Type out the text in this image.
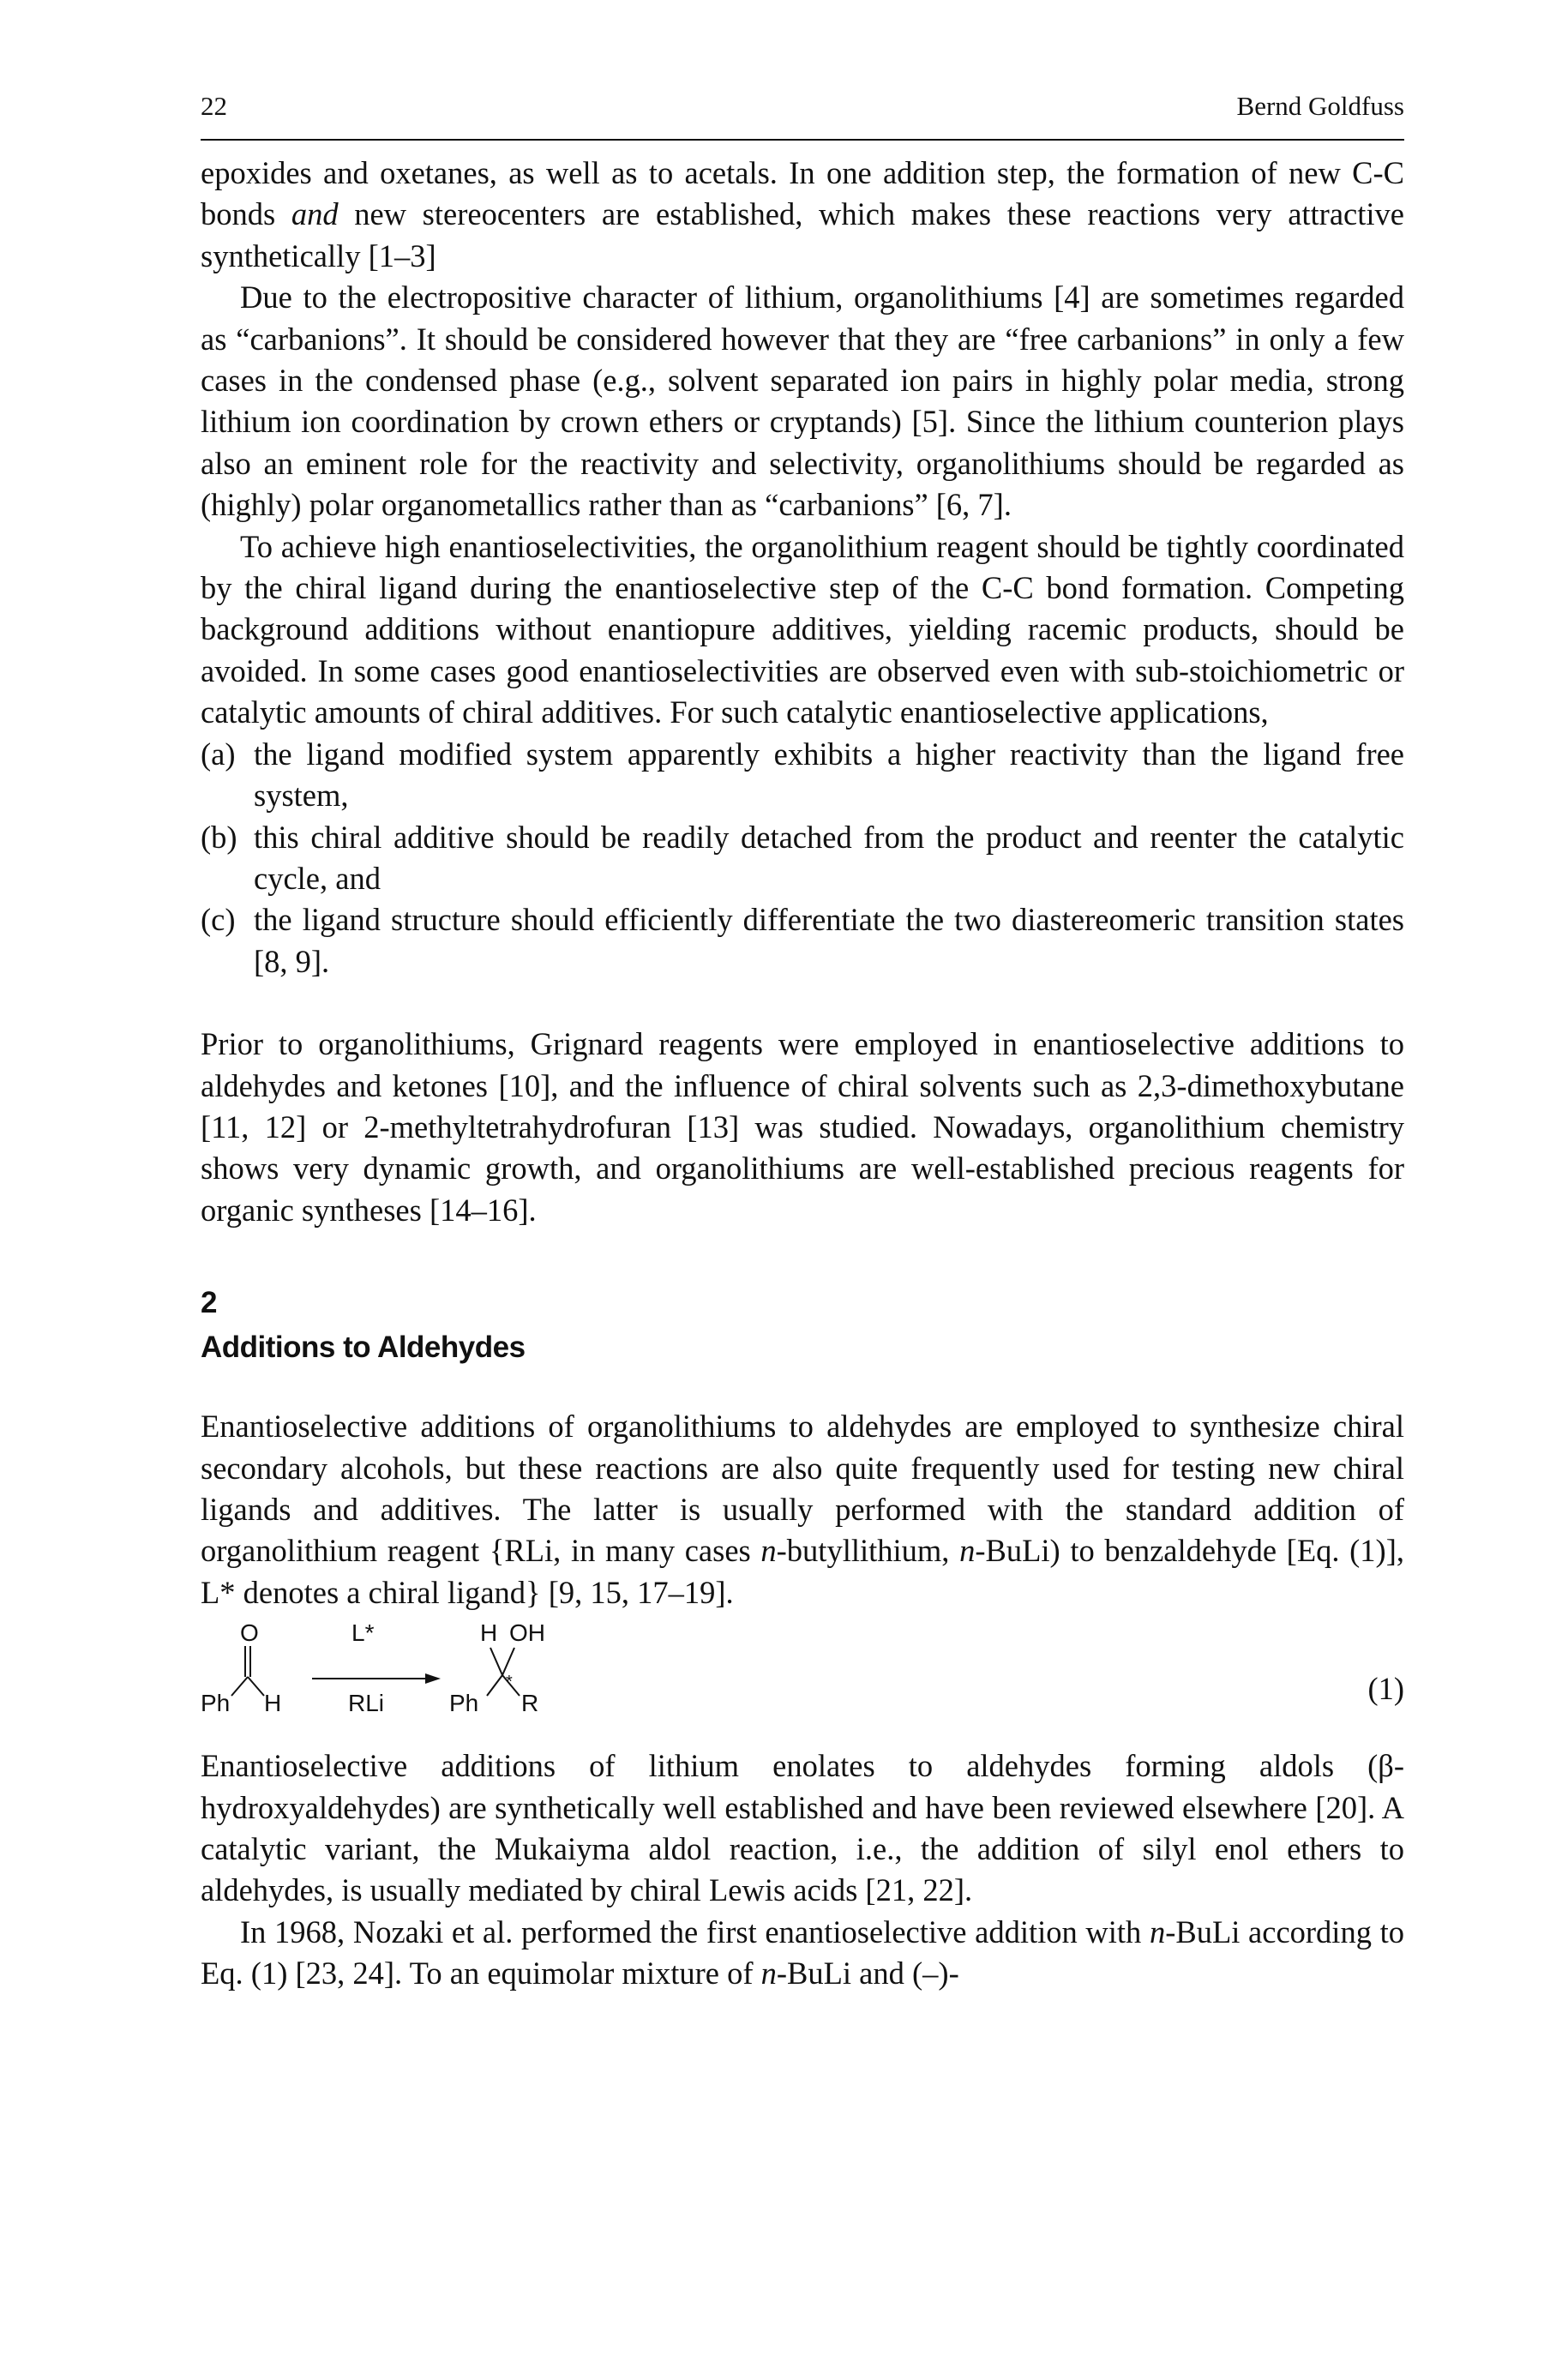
22	Bernd Goldfuss

epoxides and oxetanes, as well as to acetals. In one addition step, the formation of new C-C bonds and new stereocenters are established, which makes these reactions very attractive synthetically [1–3]

Due to the electropositive character of lithium, organolithiums [4] are sometimes regarded as “carbanions”. It should be considered however that they are “free carbanions” in only a few cases in the condensed phase (e.g., solvent separated ion pairs in highly polar media, strong lithium ion coordination by crown ethers or cryptands) [5]. Since the lithium counterion plays also an eminent role for the reactivity and selectivity, organolithiums should be regarded as (highly) polar organometallics rather than as “carbanions” [6, 7].

To achieve high enantioselectivities, the organolithium reagent should be tightly coordinated by the chiral ligand during the enantioselective step of the C-C bond formation. Competing background additions without enantiopure additives, yielding racemic products, should be avoided. In some cases good enantioselectivities are observed even with sub-stoichiometric or catalytic amounts of chiral additives. For such catalytic enantioselective applications,

(a) the ligand modified system apparently exhibits a higher reactivity than the ligand free system,

(b) this chiral additive should be readily detached from the product and reenter the catalytic cycle, and

(c) the ligand structure should efficiently differentiate the two diastereomeric transition states [8, 9].

Prior to organolithiums, Grignard reagents were employed in enantioselective additions to aldehydes and ketones [10], and the influence of chiral solvents such as 2,3-dimethoxybutane [11, 12] or 2-methyltetrahydrofuran [13] was studied. Nowadays, organolithium chemistry shows very dynamic growth, and organolithiums are well-established precious reagents for organic syntheses [14–16].

2
Additions to Aldehydes

Enantioselective additions of organolithiums to aldehydes are employed to synthesize chiral secondary alcohols, but these reactions are also quite frequently used for testing new chiral ligands and additives. The latter is usually performed with the standard addition of organolithium reagent {RLi, in many cases n-butyllithium, n-BuLi) to benzaldehyde [Eq. (1)], L* denotes a chiral ligand} [9, 15, 17–19].

O
Ph H
L*
RLi
H OH
*
Ph R	(1)

Enantioselective additions of lithium enolates to aldehydes forming aldols (β-hydroxyaldehydes) are synthetically well established and have been reviewed elsewhere [20]. A catalytic variant, the Mukaiyma aldol reaction, i.e., the addition of silyl enol ethers to aldehydes, is usually mediated by chiral Lewis acids [21, 22].

In 1968, Nozaki et al. performed the first enantioselective addition with n-BuLi according to Eq. (1) [23, 24]. To an equimolar mixture of n-BuLi and (–)-
